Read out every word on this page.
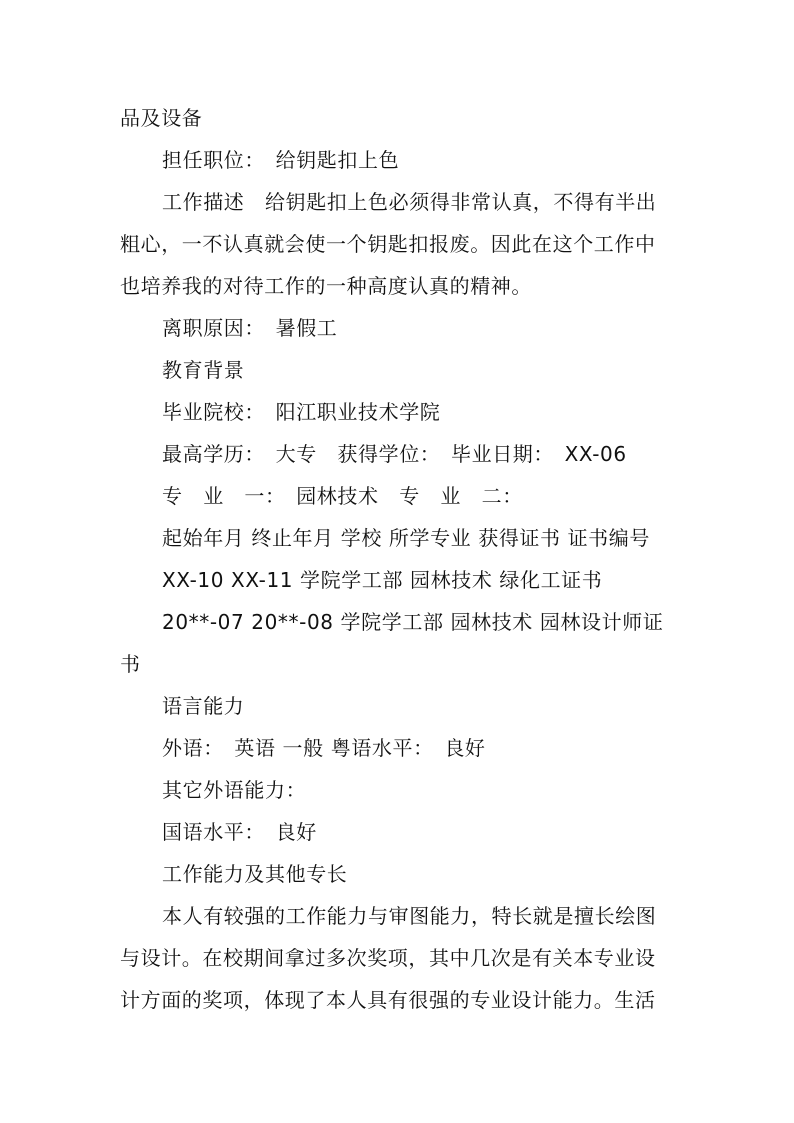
品及设备
担任职位：　给钥匙扣上色
工作描述　给钥匙扣上色必须得非常认真，不得有半出
粗心，一不认真就会使一个钥匙扣报废。因此在这个工作中
也培养我的对待工作的一种高度认真的精神。
离职原因：　暑假工
教育背景
毕业院校：　阳江职业技术学院
最高学历：　大专　获得学位：　毕业日期：　XX-06
专　业　一：　园林技术　专　业　二：
起始年月 终止年月 学校 所学专业 获得证书 证书编号
XX-10 XX-11 学院学工部 园林技术 绿化工证书
20**-07 20**-08 学院学工部 园林技术 园林设计师证
书
语言能力
外语：　英语 一般 粤语水平：　良好
其它外语能力：
国语水平：　良好
工作能力及其他专长
本人有较强的工作能力与审图能力，特长就是擅长绘图
与设计。在校期间拿过多次奖项，其中几次是有关本专业设
计方面的奖项，体现了本人具有很强的专业设计能力。生活
